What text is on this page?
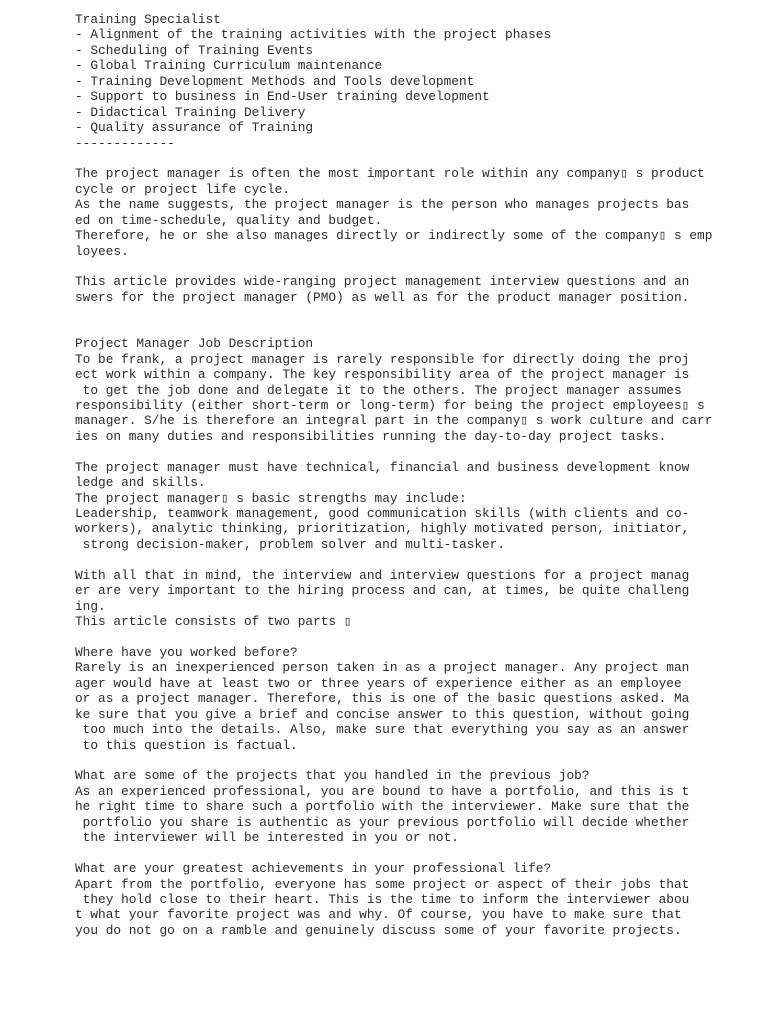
Training Specialist
- Alignment of the training activities with the project phases
- Scheduling of Training Events
- Global Training Curriculum maintenance
- Training Development Methods and Tools development
- Support to business in End-User training development
- Didactical Training Delivery
- Quality assurance of Training
-------------
The project manager is often the most important role within any company▯ s product
cycle or project life cycle.
As the name suggests, the project manager is the person who manages projects bas
ed on time-schedule, quality and budget.
Therefore, he or she also manages directly or indirectly some of the company▯ s emp
loyees.
This article provides wide-ranging project management interview questions and an
swers for the project manager (PMO) as well as for the product manager position.
Project Manager Job Description
To be frank, a project manager is rarely responsible for directly doing the proj
ect work within a company. The key responsibility area of the project manager is
to get the job done and delegate it to the others. The project manager assumes
responsibility (either short-term or long-term) for being the project employees▯ s
manager. S/he is therefore an integral part in the company▯ s work culture and carr
ies on many duties and responsibilities running the day-to-day project tasks.
The project manager must have technical, financial and business development know
ledge and skills.
The project manager▯ s basic strengths may include:
Leadership, teamwork management, good communication skills (with clients and co-
workers), analytic thinking, prioritization, highly motivated person, initiator,
strong decision-maker, problem solver and multi-tasker.
With all that in mind, the interview and interview questions for a project manag
er are very important to the hiring process and can, at times, be quite challeng
ing.
This article consists of two parts ▯
Where have you worked before?
Rarely is an inexperienced person taken in as a project manager. Any project man
ager would have at least two or three years of experience either as an employee
or as a project manager. Therefore, this is one of the basic questions asked. Ma
ke sure that you give a brief and concise answer to this question, without going
too much into the details. Also, make sure that everything you say as an answer
to this question is factual.
What are some of the projects that you handled in the previous job?
As an experienced professional, you are bound to have a portfolio, and this is t
he right time to share such a portfolio with the interviewer. Make sure that the
portfolio you share is authentic as your previous portfolio will decide whether
the interviewer will be interested in you or not.
What are your greatest achievements in your professional life?
Apart from the portfolio, everyone has some project or aspect of their jobs that
they hold close to their heart. This is the time to inform the interviewer abou
t what your favorite project was and why. Of course, you have to make sure that
you do not go on a ramble and genuinely discuss some of your favorite projects.
